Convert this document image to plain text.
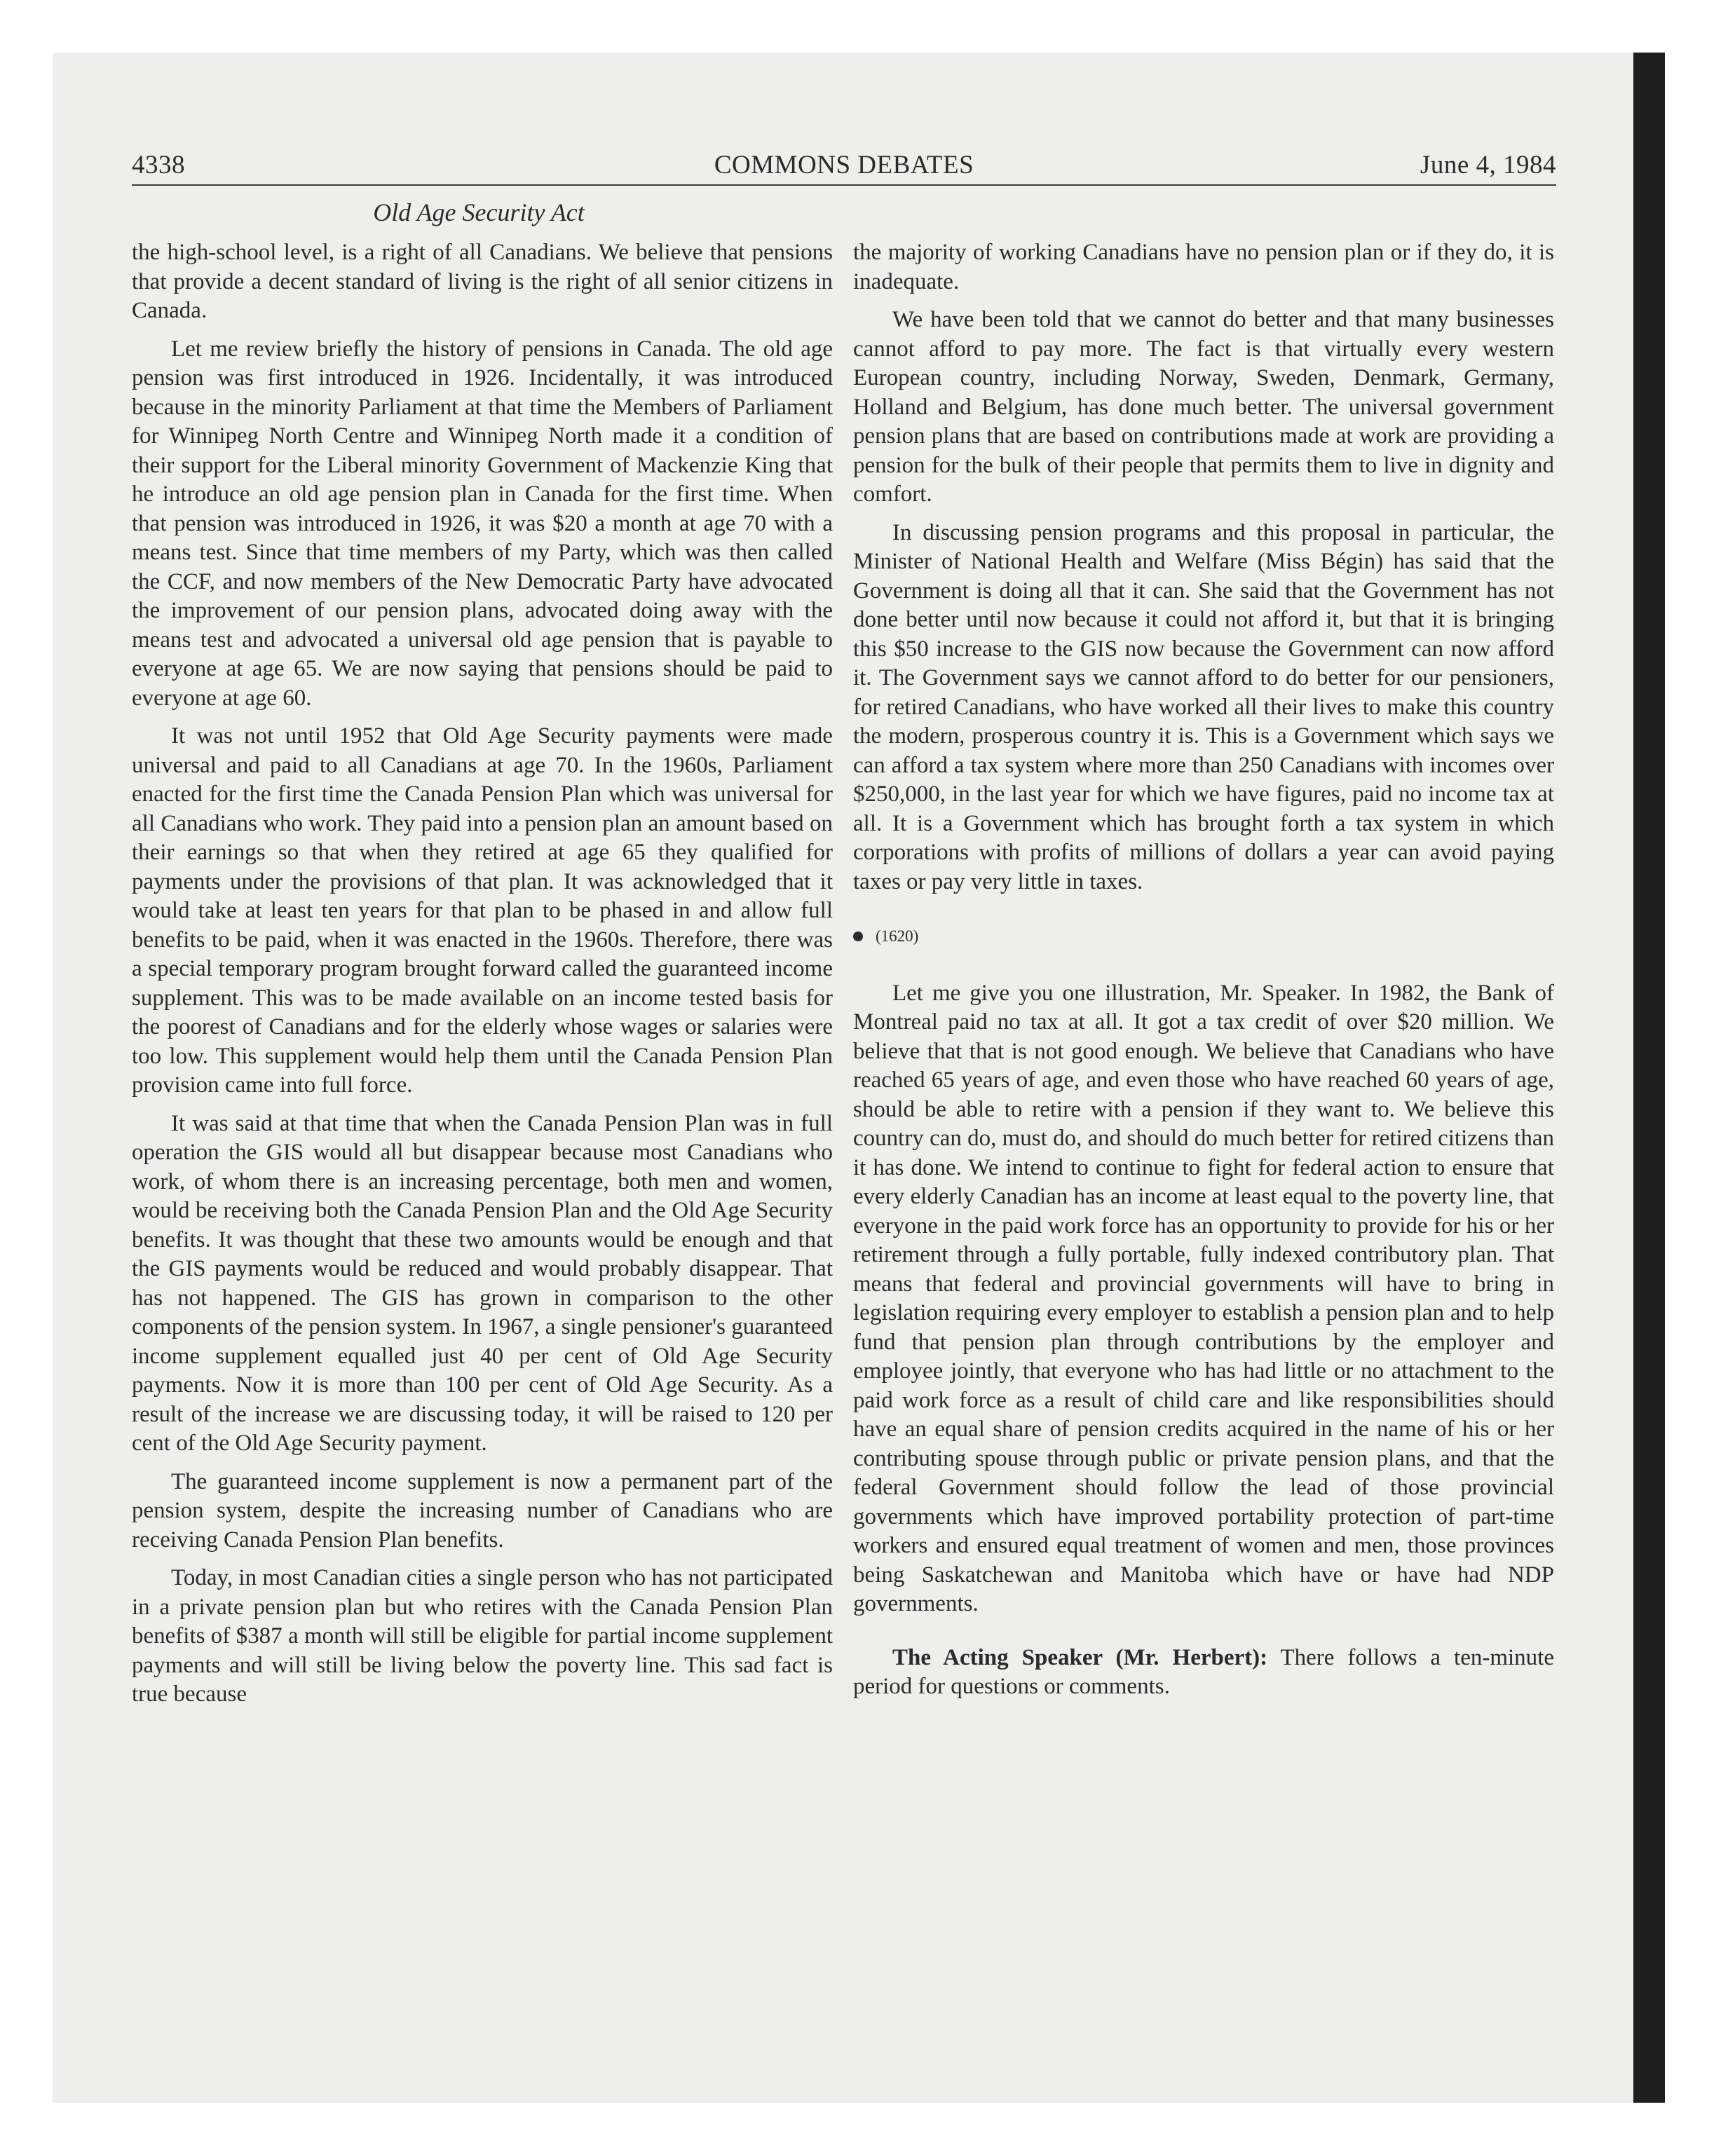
4338	COMMONS DEBATES	June 4, 1984
Old Age Security Act

the high-school level, is a right of all Canadians. We believe that pensions that provide a decent standard of living is the right of all senior citizens in Canada.

Let me review briefly the history of pensions in Canada. The old age pension was first introduced in 1926. Incidentally, it was introduced because in the minority Parliament at that time the Members of Parliament for Winnipeg North Centre and Winnipeg North made it a condition of their support for the Liberal minority Government of Mackenzie King that he introduce an old age pension plan in Canada for the first time. When that pension was introduced in 1926, it was $20 a month at age 70 with a means test. Since that time members of my Party, which was then called the CCF, and now members of the New Democratic Party have advocated the improvement of our pension plans, advocated doing away with the means test and advocated a universal old age pension that is payable to everyone at age 65. We are now saying that pensions should be paid to everyone at age 60.

It was not until 1952 that Old Age Security payments were made universal and paid to all Canadians at age 70. In the 1960s, Parliament enacted for the first time the Canada Pension Plan which was universal for all Canadians who work. They paid into a pension plan an amount based on their earnings so that when they retired at age 65 they qualified for payments under the provisions of that plan. It was acknowledged that it would take at least ten years for that plan to be phased in and allow full benefits to be paid, when it was enacted in the 1960s. Therefore, there was a special temporary program brought forward called the guaranteed income supplement. This was to be made available on an income tested basis for the poorest of Canadians and for the elderly whose wages or salaries were too low. This supplement would help them until the Canada Pension Plan provision came into full force.

It was said at that time that when the Canada Pension Plan was in full operation the GIS would all but disappear because most Canadians who work, of whom there is an increasing percentage, both men and women, would be receiving both the Canada Pension Plan and the Old Age Security benefits. It was thought that these two amounts would be enough and that the GIS payments would be reduced and would probably disappear. That has not happened. The GIS has grown in comparison to the other components of the pension system. In 1967, a single pensioner's guaranteed income supplement equalled just 40 per cent of Old Age Security payments. Now it is more than 100 per cent of Old Age Security. As a result of the increase we are discussing today, it will be raised to 120 per cent of the Old Age Security payment.

The guaranteed income supplement is now a permanent part of the pension system, despite the increasing number of Canadians who are receiving Canada Pension Plan benefits.

Today, in most Canadian cities a single person who has not participated in a private pension plan but who retires with the Canada Pension Plan benefits of $387 a month will still be eligible for partial income supplement payments and will still be living below the poverty line. This sad fact is true because

the majority of working Canadians have no pension plan or if they do, it is inadequate.

We have been told that we cannot do better and that many businesses cannot afford to pay more. The fact is that virtually every western European country, including Norway, Sweden, Denmark, Germany, Holland and Belgium, has done much better. The universal government pension plans that are based on contributions made at work are providing a pension for the bulk of their people that permits them to live in dignity and comfort.

In discussing pension programs and this proposal in particular, the Minister of National Health and Welfare (Miss Bégin) has said that the Government is doing all that it can. She said that the Government has not done better until now because it could not afford it, but that it is bringing this $50 increase to the GIS now because the Government can now afford it. The Government says we cannot afford to do better for our pensioners, for retired Canadians, who have worked all their lives to make this country the modern, prosperous country it is. This is a Government which says we can afford a tax system where more than 250 Canadians with incomes over $250,000, in the last year for which we have figures, paid no income tax at all. It is a Government which has brought forth a tax system in which corporations with profits of millions of dollars a year can avoid paying taxes or pay very little in taxes.

(1620)

Let me give you one illustration, Mr. Speaker. In 1982, the Bank of Montreal paid no tax at all. It got a tax credit of over $20 million. We believe that that is not good enough. We believe that Canadians who have reached 65 years of age, and even those who have reached 60 years of age, should be able to retire with a pension if they want to. We believe this country can do, must do, and should do much better for retired citizens than it has done. We intend to continue to fight for federal action to ensure that every elderly Canadian has an income at least equal to the poverty line, that everyone in the paid work force has an opportunity to provide for his or her retirement through a fully portable, fully indexed contributory plan. That means that federal and provincial governments will have to bring in legislation requiring every employer to establish a pension plan and to help fund that pension plan through contributions by the employer and employee jointly, that everyone who has had little or no attachment to the paid work force as a result of child care and like responsibilities should have an equal share of pension credits acquired in the name of his or her contributing spouse through public or private pension plans, and that the federal Government should follow the lead of those provincial governments which have improved portability protection of part-time workers and ensured equal treatment of women and men, those provinces being Saskatchewan and Manitoba which have or have had NDP governments.

The Acting Speaker (Mr. Herbert): There follows a ten-minute period for questions or comments.
